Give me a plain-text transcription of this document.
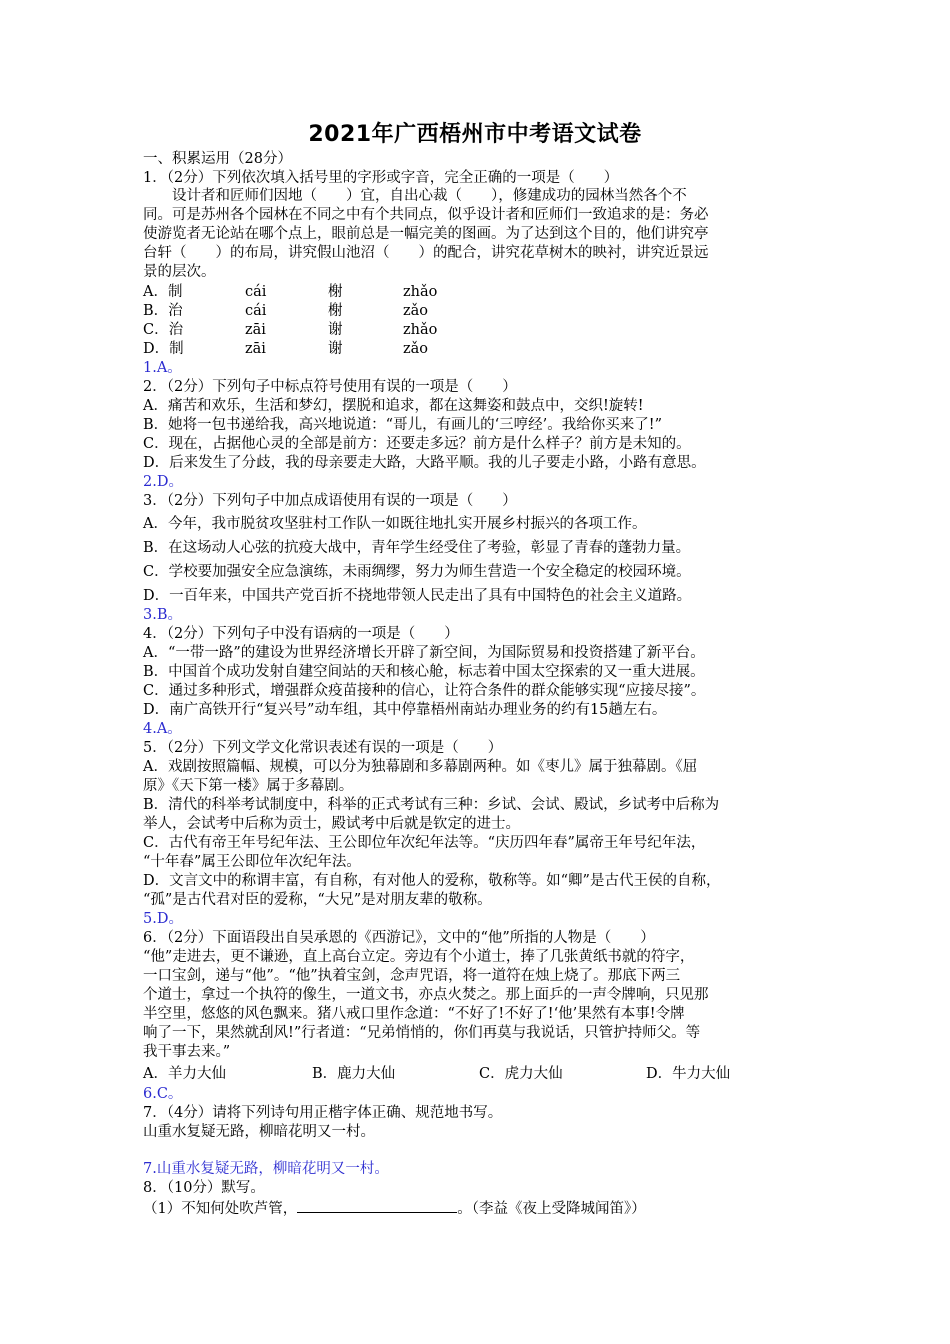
2021年广西梧州市中考语文试卷
一、积累运用（28分）
1．（2分）下列依次填入括号里的字形或字音，完全正确的一项是（　　）
　　设计者和匠师们因地（　　）宜，自出心裁（　　），修建成功的园林当然各个不
同。可是苏州各个园林在不同之中有个共同点，似乎设计者和匠师们一致追求的是：务必
使游览者无论站在哪个点上，眼前总是一幅完美的图画。为了达到这个目的，他们讲究亭
台轩（　　）的布局，讲究假山池沼（　　）的配合，讲究花草树木的映衬，讲究近景远
景的层次。
A．制	cái	榭	zhǎo
B．治	cái	榭	zǎo
C．治	zāi	谢	zhǎo
D．制	zāi	谢	zǎo
1.A。
2．（2分）下列句子中标点符号使用有误的一项是（　　）
A．痛苦和欢乐，生活和梦幻，摆脱和追求，都在这舞姿和鼓点中，交织!旋转!
B．她将一包书递给我，高兴地说道：“哥儿，有画儿的‘三哼经’。我给你买来了!”
C．现在，占据他心灵的全部是前方：还要走多远？前方是什么样子？前方是未知的。
D．后来发生了分歧，我的母亲要走大路，大路平顺。我的儿子要走小路，小路有意思。
2.D。
3．（2分）下列句子中加点成语使用有误的一项是（　　）
A．今年，我市脱贫攻坚驻村工作队一如既往地扎实开展乡村振兴的各项工作。
B．在这场动人心弦的抗疫大战中，青年学生经受住了考验，彰显了青春的蓬勃力量。
C．学校要加强安全应急演练，未雨绸缪，努力为师生营造一个安全稳定的校园环境。
D．一百年来，中国共产党百折不挠地带领人民走出了具有中国特色的社会主义道路。
3.B。
4．（2分）下列句子中没有语病的一项是（　　）
A．“一带一路”的建设为世界经济增长开辟了新空间，为国际贸易和投资搭建了新平台。
B．中国首个成功发射自建空间站的天和核心舱，标志着中国太空探索的又一重大进展。
C．通过多种形式，增强群众疫苗接种的信心，让符合条件的群众能够实现“应接尽接”。
D．南广高铁开行“复兴号”动车组，其中停靠梧州南站办理业务的约有15趟左右。
4.A。
5．（2分）下列文学文化常识表述有误的一项是（　　）
A．戏剧按照篇幅、规模，可以分为独幕剧和多幕剧两种。如《枣儿》属于独幕剧。《屈
原》《天下第一楼》属于多幕剧。
B．清代的科举考试制度中，科举的正式考试有三种：乡试、会试、殿试，乡试考中后称为
举人，会试考中后称为贡士，殿试考中后就是钦定的进士。
C．古代有帝王年号纪年法、王公即位年次纪年法等。“庆历四年春”属帝王年号纪年法，
“十年春”属王公即位年次纪年法。
D．文言文中的称谓丰富，有自称，有对他人的爱称，敬称等。如“卿”是古代王侯的自称，
“孤”是古代君对臣的爱称，“大兄”是对朋友辈的敬称。
5.D。
6．（2分）下面语段出自吴承恩的《西游记》，文中的“他”所指的人物是（　　）
“他”走进去，更不谦逊，直上高台立定。旁边有个小道士，捧了几张黄纸书就的符字，
一口宝剑，递与“他”。“他”执着宝剑，念声咒语，将一道符在烛上烧了。那底下两三
个道士，拿过一个执符的像生，一道文书，亦点火焚之。那上面乒的一声令牌响，只见那
半空里，悠悠的风色飘来。猪八戒口里作念道：“不好了!不好了!‘他’果然有本事!令牌
响了一下，果然就刮风!”行者道：“兄弟悄悄的，你们再莫与我说话，只管护持师父。等
我干事去来。”
A．羊力大仙	B．鹿力大仙	C．虎力大仙	D．牛力大仙
6.C。
7．（4分）请将下列诗句用正楷字体正确、规范地书写。
山重水复疑无路，柳暗花明又一村。
7.山重水复疑无路，柳暗花明又一村。
8．（10分）默写。
（1）不知何处吹芦管，	。（李益《夜上受降城闻笛》）
